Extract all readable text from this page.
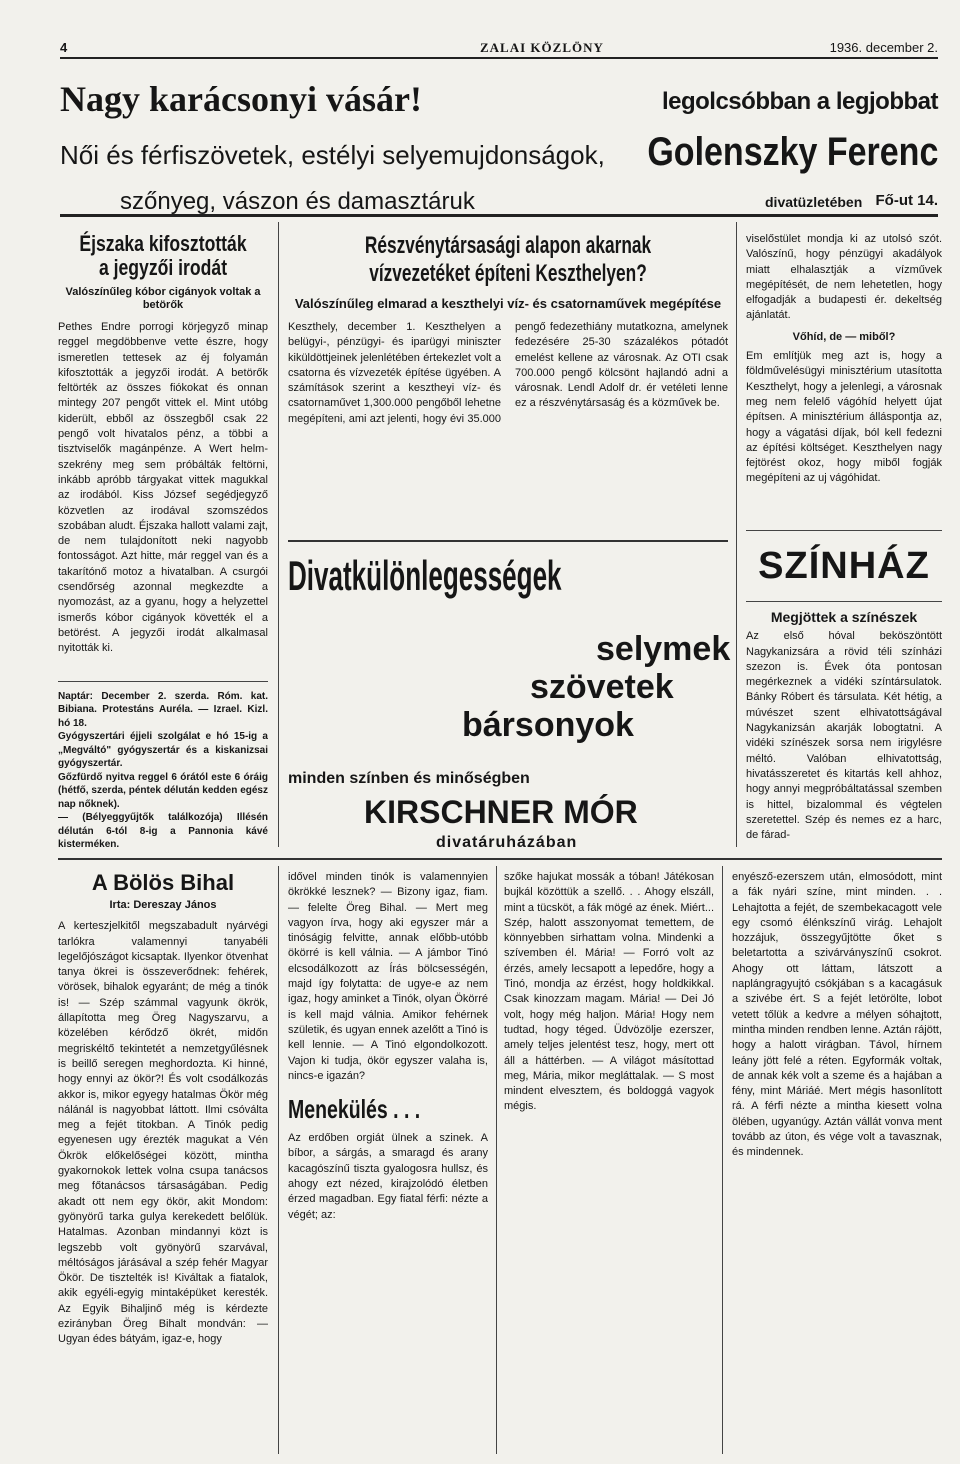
4	ZALAI KÖZLÖNY	1936. december 2.
Nagy karácsonyi vásár!
Női és férfiszövetek, estélyi selyemujdonságok,
szőnyeg, vászon és damasztáruk
legolcsóbban a legjobbat
Golenszky Ferenc
divatüzletében Fő-ut 14.
Éjszaka kifosztották a jegyzői irodát
Valószínűleg kóbor cigányok voltak a betörők

Pethes Endre porrogi körjegyző minap reggel megdöbbenve vette észre, hogy ismeretlen tettesek az éj folyamán kifosztották a jegyzői irodát. A betörők feltörték az összes fiókokat és onnan mintegy 207 pengőt vittek el. Mint utóbg kiderült, ebből az összegből csak 22 pengő volt hivatalos pénz, a többi a tisztviselők magánpénze. A Wert helm-szekrény meg sem próbálták feltörni, inkább apróbb tárgyakat vittek magukkal az irodából. Kiss József segédjegyző közvetlen az irodával szomszédos szobában aludt. Éjszaka hallott valami zajt, de nem tulajdonított neki nagyobb fontosságot. Azt hitte, már reggel van és a takarítónő motoz a hivatalban. A csurgói csendőrség azonnal megkezdte a nyomozást, az a gyanu, hogy a helyzettel ismerős kóbor cigányok követték el a betörést. A jegyzői irodát alkalmasal nyitották ki.

Naptár: December 2. szerda. Róm. kat. Bibiana. Protestáns Auréla. — Izrael. Kizl. hó 18.

Gyógyszertári éjjeli szolgálat e hó 15-ig a „Megváltó" gyógyszertár és a kiskanizsai gyógyszertár.

Gőzfürdő nyitva reggel 6 órától este 6 óráig (hétfő, szerda, péntek délután kedden egész nap nőknek).

— (Bélyeggyűjtők találkozója) Illésén délután 6-tól 8-ig a Pannonia kávé kisterméken.

Részvénytársasági alapon akarnak vízvezetéket építeni Keszthelyen?
Valószínűleg elmarad a keszthelyi víz- és csatornaművek megépítése

Keszthely, december 1. Keszthelyen a belügyi-, pénzügyi- és iparügyi miniszter kiküldöttjeinek jelenlétében értekezlet volt a csatorna és vízvezeték építése ügyében. A számítások szerint a kesztheyi víz- és csatornaművet 1,300.000 pengőből lehetne megépíteni, ami azt jelenti, hogy évi 35.000 pengő fedezethiány mutatkozna, amelynek fedezésére 25-30 százalékos pótadót emelést kellene az városnak. Az OTI csak 700.000 pengő kölcsönt hajlandó adni a városnak. Lendl Adolf dr. ér vetéleti lenne ez a részvénytársaság és a közművek be.

Divatkülönlegességek
selymek
szövetek
bársonyok
minden színben és minőségben
KIRSCHNER MÓR
divatáruházában

viselőstület mondja ki az utolsó szót. Valószínű, hogy pénzügyi akadályok miatt elhalasztják a vízművek megépítését, de nem lehetetlen, hogy elfogadják a budapesti ér. dekeltség ajánlatát.

Vőhíd, de — miből?

Em említjük meg azt is, hogy a földművelésügyi minisztérium utasította Keszthelyt, hogy a jelenlegi, a városnak meg nem felelő vágóhíd helyett újat építsen. A minisztérium álláspontja az, hogy a vágatási díjak, ból kell fedezni az építési költséget. Keszthelyen nagy fejtörést okoz, hogy miből fogják megépíteni az uj vágóhidat.

SZÍNHÁZ
Megjöttek a színészek

Az első hóval beköszöntött Nagykanizsára a rövid téli színházi szezon is. Évek óta pontosan megérkeznek a vidéki színtársulatok. Bánky Róbert és társulata. Két hétig, a múvészet szent elhivatottságával Nagykanizsán akarják lobogtatni. A vidéki színészek sorsa nem irigylésre méltó. Valóban elhivatottság, hivatásszeretet és kitartás kell ahhoz, hogy annyi megpróbáltatással szemben is hittel, bizalommal és végtelen szeretettel. Szép és nemes ez a harc, de fárad-

A Bölös Bihal
Irta: Dereszay János

A kerteszjelkitől megszabadult nyárvégi tarlókra valamennyi tanyabéli legelőjószágot kicsaptak. Ilyenkor ötvenhat tanya ökrei is összeverődnek: fehérek, vörösek, bihalok egyaránt; de még a tinók is! — Szép számmal vagyunk ökrök, állapította meg Öreg Nagyszarvu, a közelében kérődző ökrét, midőn megriskéltő tekintetét a nemzetgyűlésnek is beillő seregen meghordozta. Ki hinné, hogy ennyi az ökör?! És volt csodálkozás akkor is, mikor egyegy hatalmas Ökör még nálánál is nagyobbat láttott. Ilmi csóválta meg a fejét titokban. A Tinók pedig egyenesen ugy érezték magukat a Vén Ökrök előkelőségei között, mintha gyakornokok lettek volna csupa tanácsos meg főtanácsos társaságában. Pedig akadt ott nem egy ökör, akit Mondom: gyönyörű tarka gulya kerekedett belőlük. Hatalmas. Azonban mindannyi közt is legszebb volt gyönyörű szarvával, méltóságos járásával a szép fehér Magyar Ökör. De tisztelték is! Kiváltak a fiatalok, akik egyéli-egyig mintaképüket keresték. Az Egyik Bihaljinő még is kérdezte ezirányban Öreg Bihalt mondván: — Ugyan édes bátyám, igaz-e, hogy

idővel minden tinók is valamennyien ökrökké lesznek? — Bizony igaz, fiam. — felelte Öreg Bihal. — Mert meg vagyon írva, hogy aki egyszer már a tinóságig felvitte, annak előbb-utóbb ökörré is kell válnia. — A jámbor Tinó elcsodálkozott az Írás bölcsességén, majd így folytatta: de ugye-e az nem igaz, hogy aminket a Tinók, olyan Ökörré is kell majd válnia. Amikor fehérnek születik, és ugyan ennek azelőtt a Tinó is kell lennie. — A Tinó elgondolkozott. Vajon ki tudja, ökör egyszer valaha is, nincs-e igazán?

Menekülés . . .

Az erdőben orgiát ülnek a szinek. A bíbor, a sárgás, a smaragd és arany kacagószínű tiszta gyalogosra hullsz, és ahogy ezt nézed, kirajzolódó életben érzed magadban. Egy fiatal férfi: nézte a végét; az:

szőke hajukat mossák a tóban! Játékosan bujkál közöttük a szellő. . . Ahogy elszáll, mint a tücsköt, a fák mögé az ének. Miért... Szép, halott asszonyomat temettem, de könnyebben sirhattam volna. Mindenki a szívemben él. Mária! — Forró volt az érzés, amely lecsapott a lepedőre, hogy a Tinó, mondja az érzést, hogy holdkikkal. Csak kinozzam magam. Mária! — Dei Jó volt, hogy még haljon. Mária! Hogy nem tudtad, hogy téged. Üdvözölje ezerszer, amely teljes jelentést tesz, hogy, mert ott áll a háttérben. — A világot másítottad meg, Mária, mikor megláttalak. — S most mindent elvesztem, és boldoggá vagyok mégis.

enyésző-ezerszem után, elmosódott, mint a fák nyári színe, mint minden. . . Lehajtotta a fejét, de szembekacagott vele egy csomó élénkszínű virág. Lehajolt hozzájuk, összegyűjtötte őket s beletartotta a szivárványszínű csokrot. Ahogy ott láttam, látszott a naplángragyujtó csókjában s a kacagásuk a szivébe ért. S a fejét letörölte, lobot vetett tőlük a kedvre a mélyen sóhajtott, mintha minden rendben lenne. Aztán rájött, hogy a halott virágban. Távol, hírnem leány jött felé a réten. Egyformák voltak, de annak kék volt a szeme és a hajában a fény, mint Máriáé. Mert mégis hasonlított rá. A férfi nézte a mintha kiesett volna ölében, ugyanúgy. Aztán vállát vonva ment tovább az úton, és vége volt a tavasznak, és mindennek.
